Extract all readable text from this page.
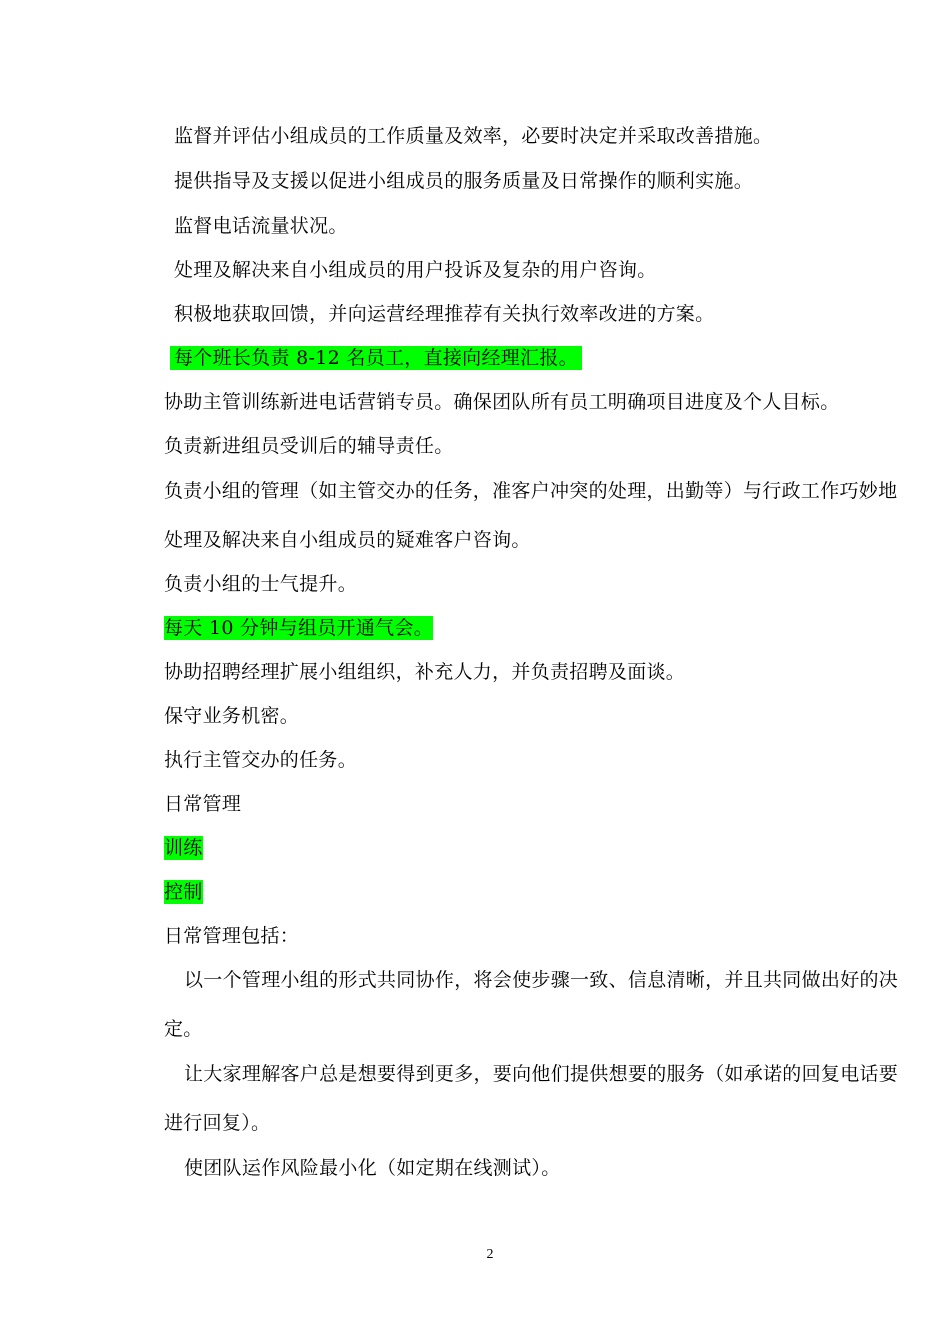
监督并评估小组成员的工作质量及效率，必要时决定并采取改善措施。
提供指导及支援以促进小组成员的服务质量及日常操作的顺利实施。
监督电话流量状况。
处理及解决来自小组成员的用户投诉及复杂的用户咨询。
积极地获取回馈，并向运营经理推荐有关执行效率改进的方案。
每个班长负责 8-12 名员工，直接向经理汇报。
协助主管训练新进电话营销专员。确保团队所有员工明确项目进度及个人目标。
负责新进组员受训后的辅导责任。
负责小组的管理（如主管交办的任务，准客户冲突的处理，出勤等）与行政工作巧妙地
处理及解决来自小组成员的疑难客户咨询。
负责小组的士气提升。
每天 10 分钟与组员开通气会。
协助招聘经理扩展小组组织，补充人力，并负责招聘及面谈。
保守业务机密。
执行主管交办的任务。
日常管理
训练
控制
日常管理包括：
以一个管理小组的形式共同协作，将会使步骤一致、信息清晰，并且共同做出好的决
定。
让大家理解客户总是想要得到更多，要向他们提供想要的服务（如承诺的回复电话要
进行回复）。
使团队运作风险最小化（如定期在线测试）。
2
